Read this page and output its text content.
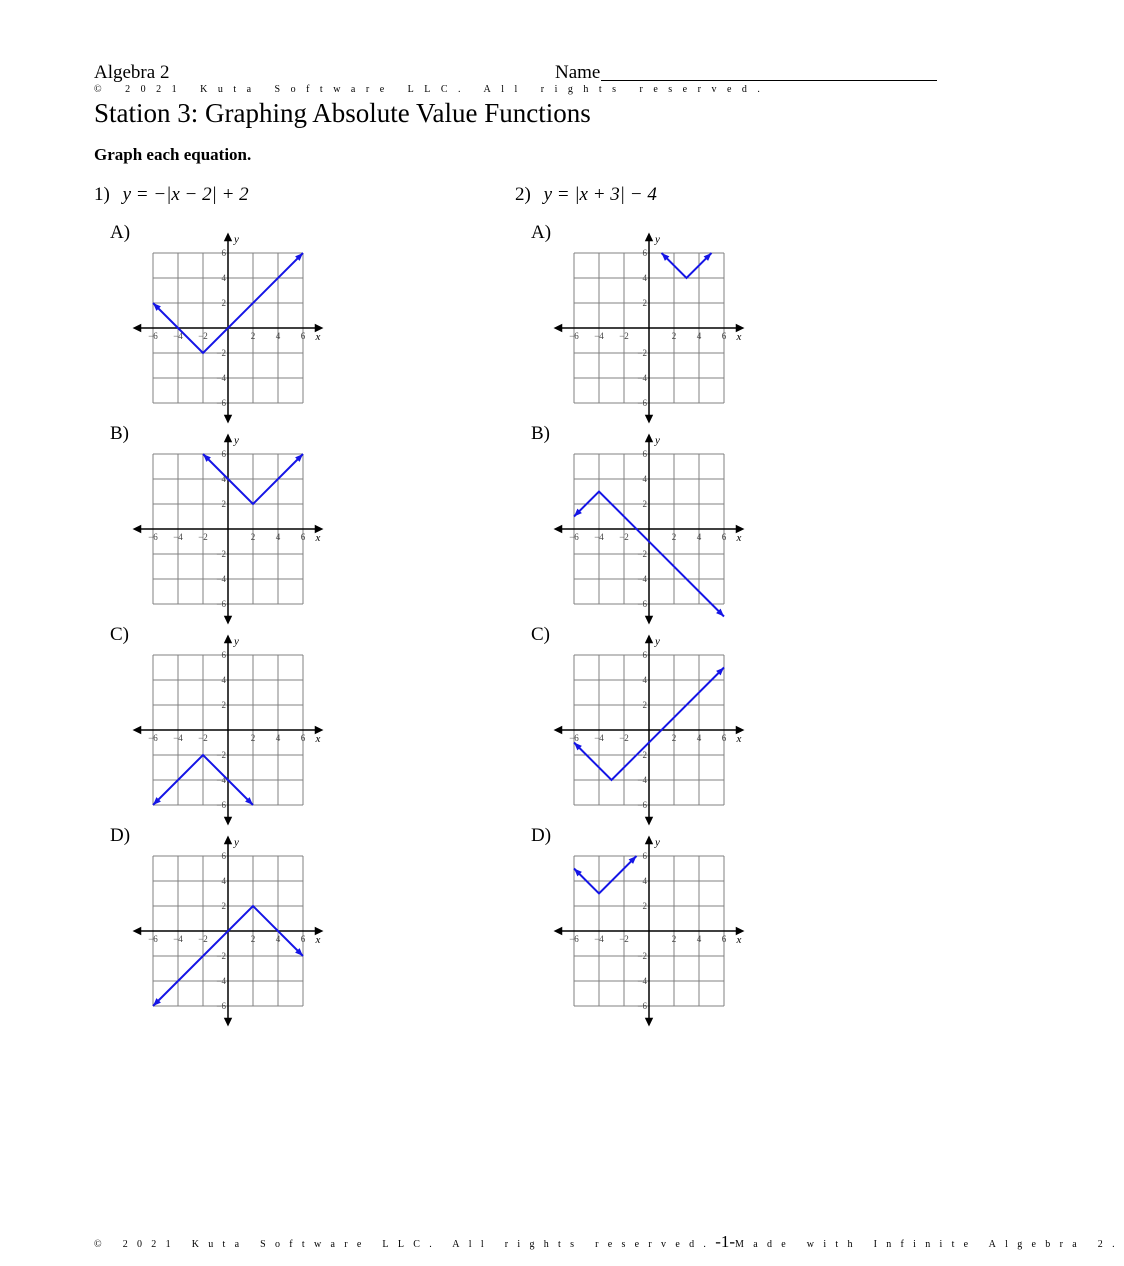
Algebra 2	Name
© 2021 Kuta Software LLC. All rights reserved.
Station 3: Graphing Absolute Value Functions
Graph each equation.
1) y = −|x − 2| + 2	2) y = |x + 3| − 4
A)
−6
−6
−4
−4
−2
−2
2
2
4
4
6
6
x
y
B)
−6
−6
−4
−4
−2
−2
2
2
4
4
6
6
x
y
C)
−6
−6
−4
−4
−2
−2
2
2
4
4
6
6
x
y
D)
−6
−6
−4
−4
−2
−2
2
2
4
4
6
6
x
y
A)
−6
−6
−4
−4
−2
−2
2
2
4
4
6
6
x
y
B)
−6
−6
−4
−4
−2
−2
2
2
4
4
6
6
x
y
C)
−6
−6
−4
−4
−2
−2
2
2
4
4
6
6
x
y
D)
−6
−6
−4
−4
−2
−2
2
2
4
4
6
6
x
y
© 2021 Kuta Software LLC. All rights reserved.-1-Made with Infinite Algebra 2.
